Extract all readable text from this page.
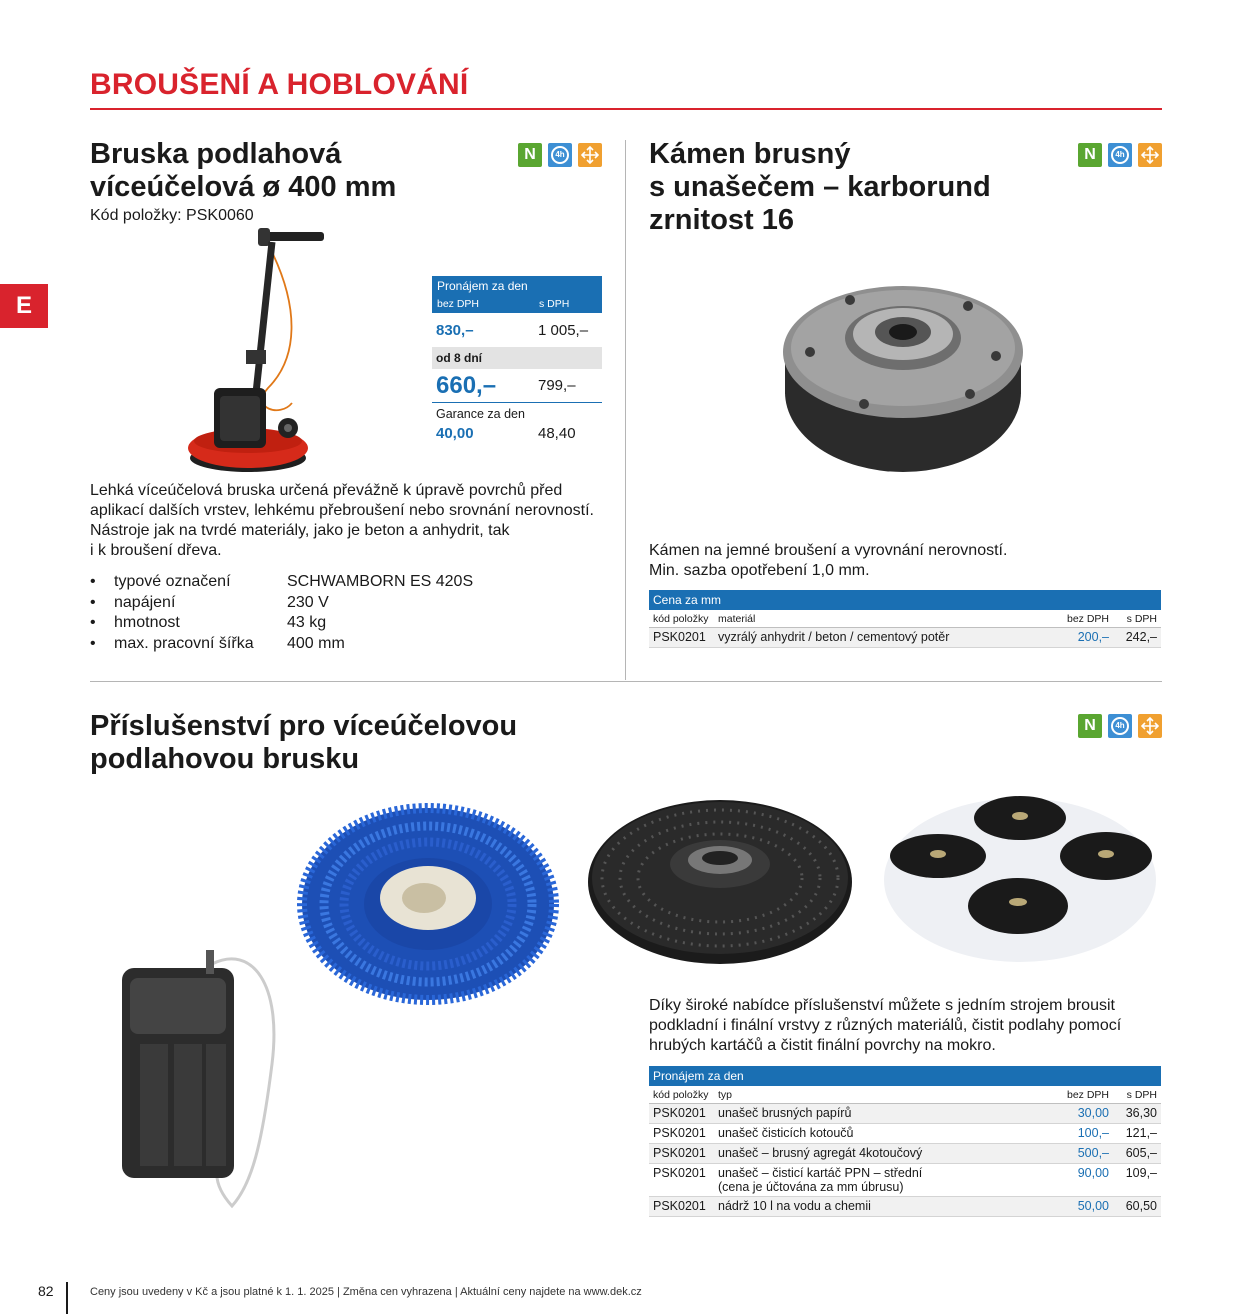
BROUŠENÍ A HOBLOVÁNÍ
E
Bruska podlahová
víceúčelová ø 400 mm
Kód položky: PSK0060
N	4h
Pronájem za den
bez DPH	s DPH
830,–	1 005,–
od 8 dní
660,–	799,–
Garance za den
40,00	48,40
Lehká víceúčelová bruska určená převážně k úpravě povrchů před
aplikací dalších vrstev, lehkému přebroušení nebo srovnání nerovností.
Nástroje jak na tvrdé materiály, jako je beton a anhydrit, tak
i k broušení dřeva.
•	typové označení	SCHWAMBORN ES 420S
•	napájení	230 V
•	hmotnost	43 kg
•	max. pracovní šířka	400 mm
Kámen brusný
s unašečem – karborund
zrnitost 16
N	4h
Kámen na jemné broušení a vyrovnání nerovností.
Min. sazba opotřebení 1,0 mm.
Cena za mm
kód položky materiál	bez DPH	s DPH
PSK0201 vyzrálý anhydrit / beton / cementový potěr	200,–	242,–
Příslušenství pro víceúčelovou
podlahovou brusku
N	4h
Díky široké nabídce příslušenství můžete s jedním strojem brousit
podkladní i finální vrstvy z různých materiálů, čistit podlahy pomocí
hrubých kartáčů a čistit finální povrchy na mokro.
Pronájem za den
kód položky typ	bez DPH	s DPH
PSK0201 unašeč brusných papírů	30,00	36,30
PSK0201 unašeč čisticích kotoučů	100,–	121,–
PSK0201 unašeč – brusný agregát 4kotoučový	500,–	605,–
PSK0201 unašeč – čisticí kartáč PPN – střední
(cena je účtována za mm úbrusu)
90,00	109,–
PSK0201 nádrž 10 l na vodu a chemii	50,00	60,50
82	Ceny jsou uvedeny v Kč a jsou platné k 1. 1. 2025 | Změna cen vyhrazena | Aktuální ceny najdete na www.dek.cz
